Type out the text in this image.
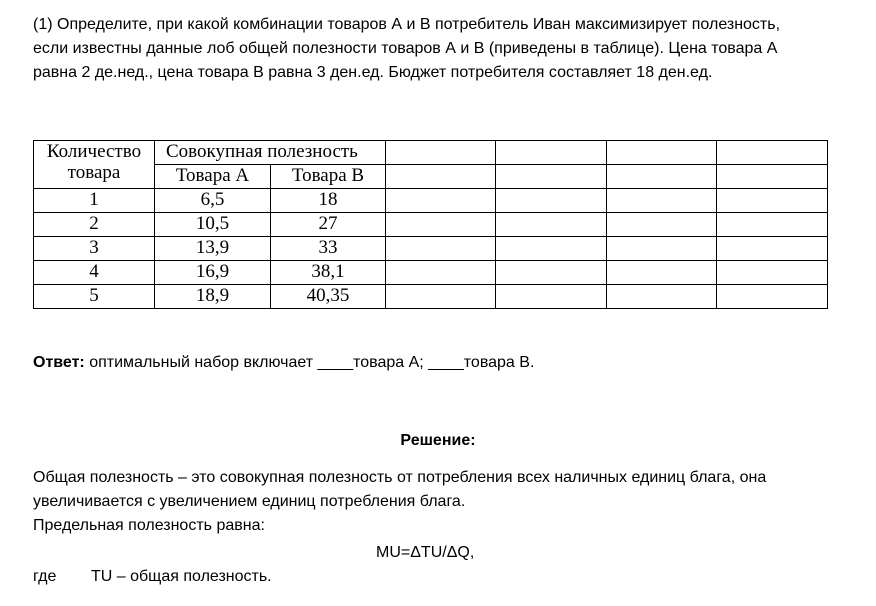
(1) Определите, при какой комбинации товаров А и В потребитель Иван максимизирует полезность,
если известны данные лоб общей полезности товаров А и В (приведены в таблице). Цена товара А
равна 2 де.нед., цена товара В равна 3 ден.ед. Бюджет потребителя составляет 18 ден.ед.
Количество
товара	Совокупная полезность					
	Товара А	Товара В				
1	6,5	18				
2	10,5	27				
3	13,9	33				
4	16,9	38,1				
5	18,9	40,35				

Ответ: оптимальный набор включает ____товара А; ____товара В.

Решение:

Общая полезность – это совокупная полезность от потребления всех наличных единиц блага, она
увеличивается с увеличением единиц потребления блага.
Предельная полезность равна:
MU=ΔTU/ΔQ,
где TU – общая полезность.
